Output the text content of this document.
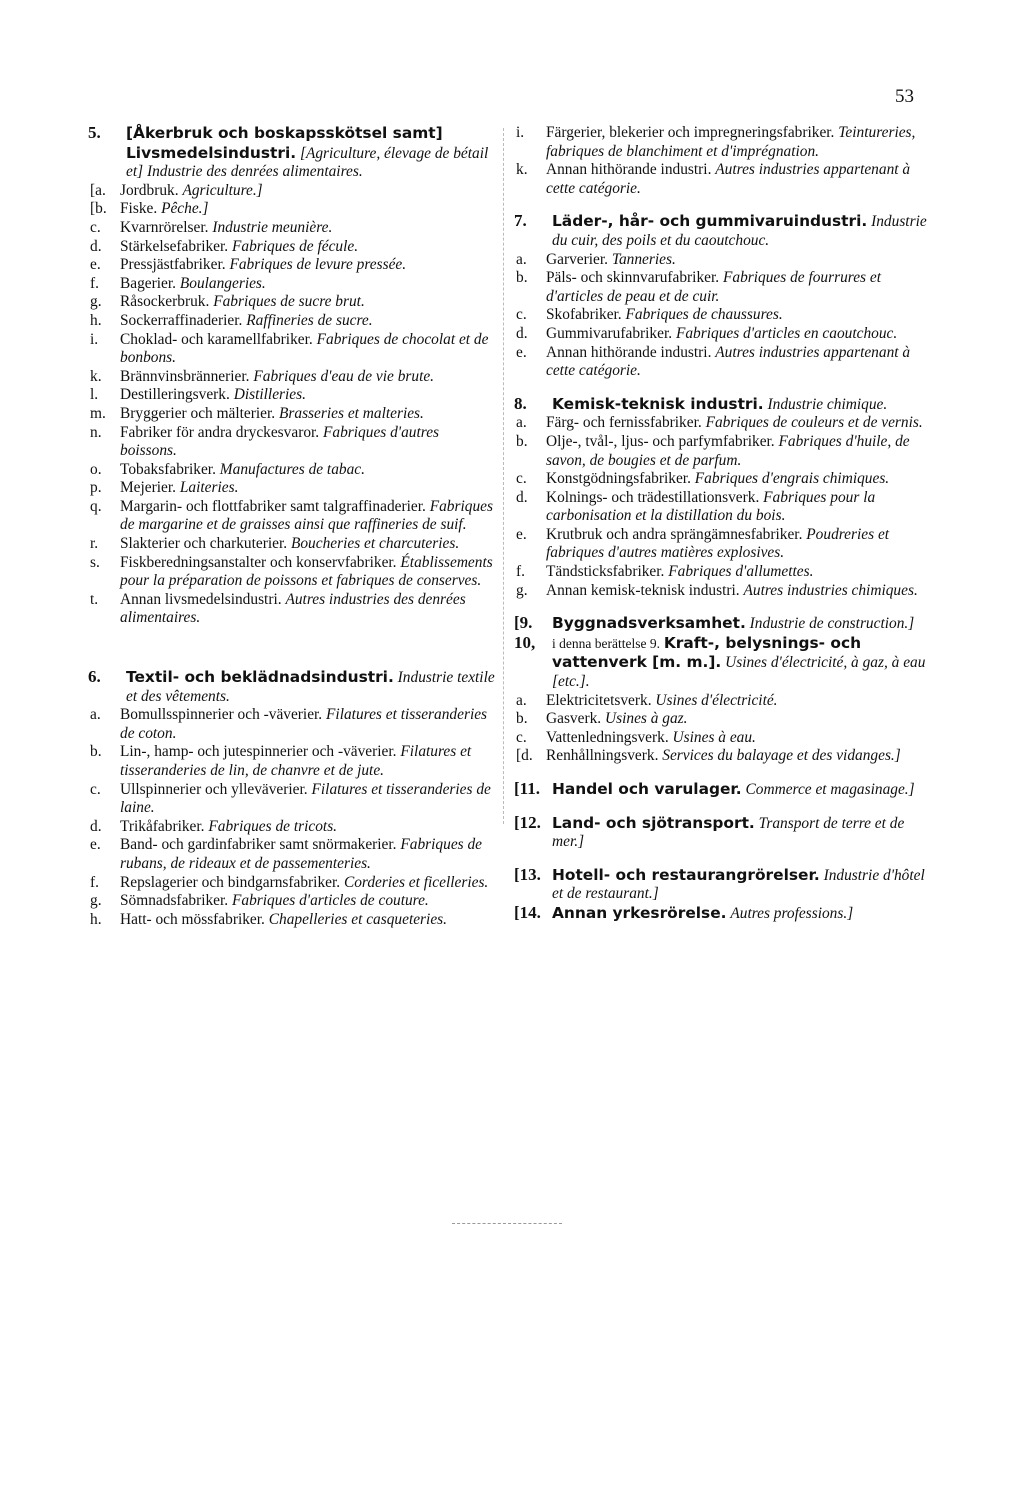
53
5. [Åkerbruk och boskapsskötsel samt] Livsmedelsindustri. [Agriculture, élevage de bétail et] Industrie des denrées alimentaires.
[a. Jordbruk. Agriculture.]
[b. Fiske. Pêche.]
c. Kvarnrörelser. Industrie meunière.
d. Stärkelsefabriker. Fabriques de fécule.
e. Pressjästfabriker. Fabriques de levure pressée.
f. Bagerier. Boulangeries.
g. Råsockerbruk. Fabriques de sucre brut.
h. Sockerraffinaderier. Raffineries de sucre.
i. Choklad- och karamellfabriker. Fabriques de chocolat et de bonbons.
k. Brännvinsbrännerier. Fabriques d'eau de vie brute.
l. Destilleringsverk. Distilleries.
m. Bryggerier och mälterier. Brasseries et malteries.
n. Fabriker för andra dryckesvaror. Fabriques d'autres boissons.
o. Tobaksfabriker. Manufactures de tabac.
p. Mejerier. Laiteries.
q. Margarin- och flottfabriker samt talgraffinaderier. Fabriques de margarine et de graisses ainsi que raffineries de suif.
r. Slakterier och charkuterier. Boucheries et charcuteries.
s. Fiskberedningsanstalter och konservfabriker. Établissements pour la préparation de poissons et fabriques de conserves.
t. Annan livsmedelsindustri. Autres industries des denrées alimentaires.
6. Textil- och beklädnadsindustri. Industrie textile et des vêtements.
a. Bomullsspinnerier och -väverier. Filatures et tisseranderies de coton.
b. Lin-, hamp- och jutespinnerier och -väverier. Filatures et tisseranderies de lin, de chanvre et de jute.
c. Ullspinnerier och ylleväverier. Filatures et tisseranderies de laine.
d. Trikåfabriker. Fabriques de tricots.
e. Band- och gardinfabriker samt snörmakerier. Fabriques de rubans, de rideaux et de passementeries.
f. Repslagerier och bindgarnsfabriker. Corderies et ficelleries.
g. Sömnadsfabriker. Fabriques d'articles de couture.
h. Hatt- och mössfabriker. Chapelleries et casqueteries.
i. Färgerier, blekerier och impregneringsfabriker. Teintureries, fabriques de blanchiment et d'imprégnation.
k. Annan hithörande industri. Autres industries appartenant à cette catégorie.
7. Läder-, hår- och gummivaruindustri. Industrie du cuir, des poils et du caoutchouc.
a. Garverier. Tanneries.
b. Päls- och skinnvarufabriker. Fabriques de fourrures et d'articles de peau et de cuir.
c. Skofabriker. Fabriques de chaussures.
d. Gummivarufabriker. Fabriques d'articles en caoutchouc.
e. Annan hithörande industri. Autres industries appartenant à cette catégorie.
8. Kemisk-teknisk industri. Industrie chimique.
a. Färg- och fernissfabriker. Fabriques de couleurs et de vernis.
b. Olje-, tvål-, ljus- och parfymfabriker. Fabriques d'huile, de savon, de bougies et de parfum.
c. Konstgödningsfabriker. Fabriques d'engrais chimiques.
d. Kolnings- och trädestillationsverk. Fabriques pour la carbonisation et la distillation du bois.
e. Krutbruk och andra sprängämnesfabriker. Poudreries et fabriques d'autres matières explosives.
f. Tändsticksfabriker. Fabriques d'allumettes.
g. Annan kemisk-teknisk industri. Autres industries chimiques.
[9. Byggnadsverksamhet. Industrie de construction.]
10, i denna berättelse 9. Kraft-, belysnings- och vattenverk [m. m.]. Usines d'électricité, à gaz, à eau [etc.].
a. Elektricitetsverk. Usines d'électricité.
b. Gasverk. Usines à gaz.
c. Vattenledningsverk. Usines à eau.
[d. Renhållningsverk. Services du balayage et des vidanges.]
[11. Handel och varulager. Commerce et magasinage.]
[12. Land- och sjötransport. Transport de terre et de mer.]
[13. Hotell- och restaurangrörelser. Industrie d'hôtel et de restaurant.]
[14. Annan yrkesrörelse. Autres professions.]
